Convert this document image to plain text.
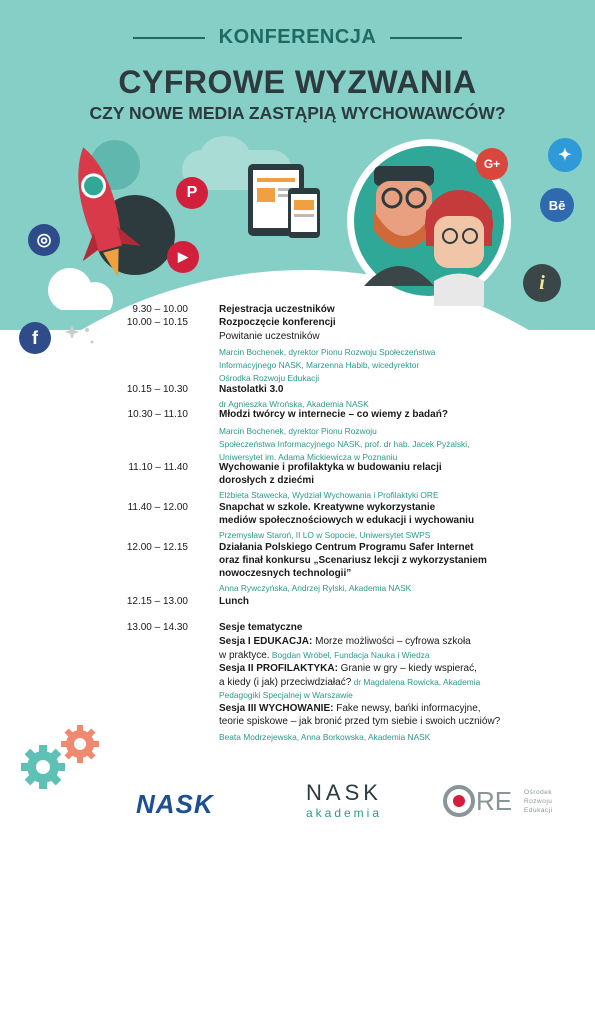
KONFERENCJA
CYFROWE WYZWANIA
CZY NOWE MEDIA ZASTĄPIĄ WYCHOWAWCÓW?
P
▶
◎
f
G+	✦
Bē
i
9.30 – 10.00	Rejestracja uczestników
10.00 – 10.15	Rozpoczęcie konferencji
Powitanie uczestników
Marcin Bochenek, dyrektor Pionu Rozwoju Społeczeństwa
Informacyjnego NASK, Marzenna Habib, wicedyrektor
Ośrodka Rozwoju Edukacji
10.15 – 10.30	Nastolatki 3.0
dr Agnieszka Wrońska, Akademia NASK
10.30 – 11.10	Młodzi twórcy w internecie – co wiemy z badań?
Marcin Bochenek, dyrektor Pionu Rozwoju
Społeczeństwa Informacyjnego NASK, prof. dr hab. Jacek Pyżalski,
Uniwersytet im. Adama Mickiewicza w Poznaniu
11.10 – 11.40	Wychowanie i profilaktyka w budowaniu relacji
dorosłych z dziećmi
Elżbieta Stawecka, Wydział Wychowania i Profilaktyki ORE
11.40 – 12.00	Snapchat w szkole. Kreatywne wykorzystanie
mediów społecznościowych w edukacji i wychowaniu
Przemysław Staroń, II LO w Sopocie, Uniwersytet SWPS
12.00 – 12.15	Działania Polskiego Centrum Programu Safer Internet
oraz finał konkursu „Scenariusz lekcji z wykorzystaniem
nowoczesnych technologii”
Anna Rywczyńska, Andrzej Rylski, Akademia NASK
12.15 – 13.00	Lunch
13.00 – 14.30	Sesje tematyczne
Sesja I EDUKACJA: Morze możliwości – cyfrowa szkoła
w praktyce. Bogdan Wróbel, Fundacja Nauka i Wiedza
Sesja II PROFILAKTYKA: Granie w gry – kiedy wspierać,
a kiedy (i jak) przeciwdziałać? dr Magdalena Rowicka, Akademia
Pedagogiki Specjalnej w Warszawie
Sesja III WYCHOWANIE: Fake newsy, bańki informacyjne,
teorie spiskowe – jak bronić przed tym siebie i swoich uczniów?
Beata Modrzejewska, Anna Borkowska, Akademia NASK
NASK	NASK
akademia	RE Ośrodek
Rozwoju
Edukacji
